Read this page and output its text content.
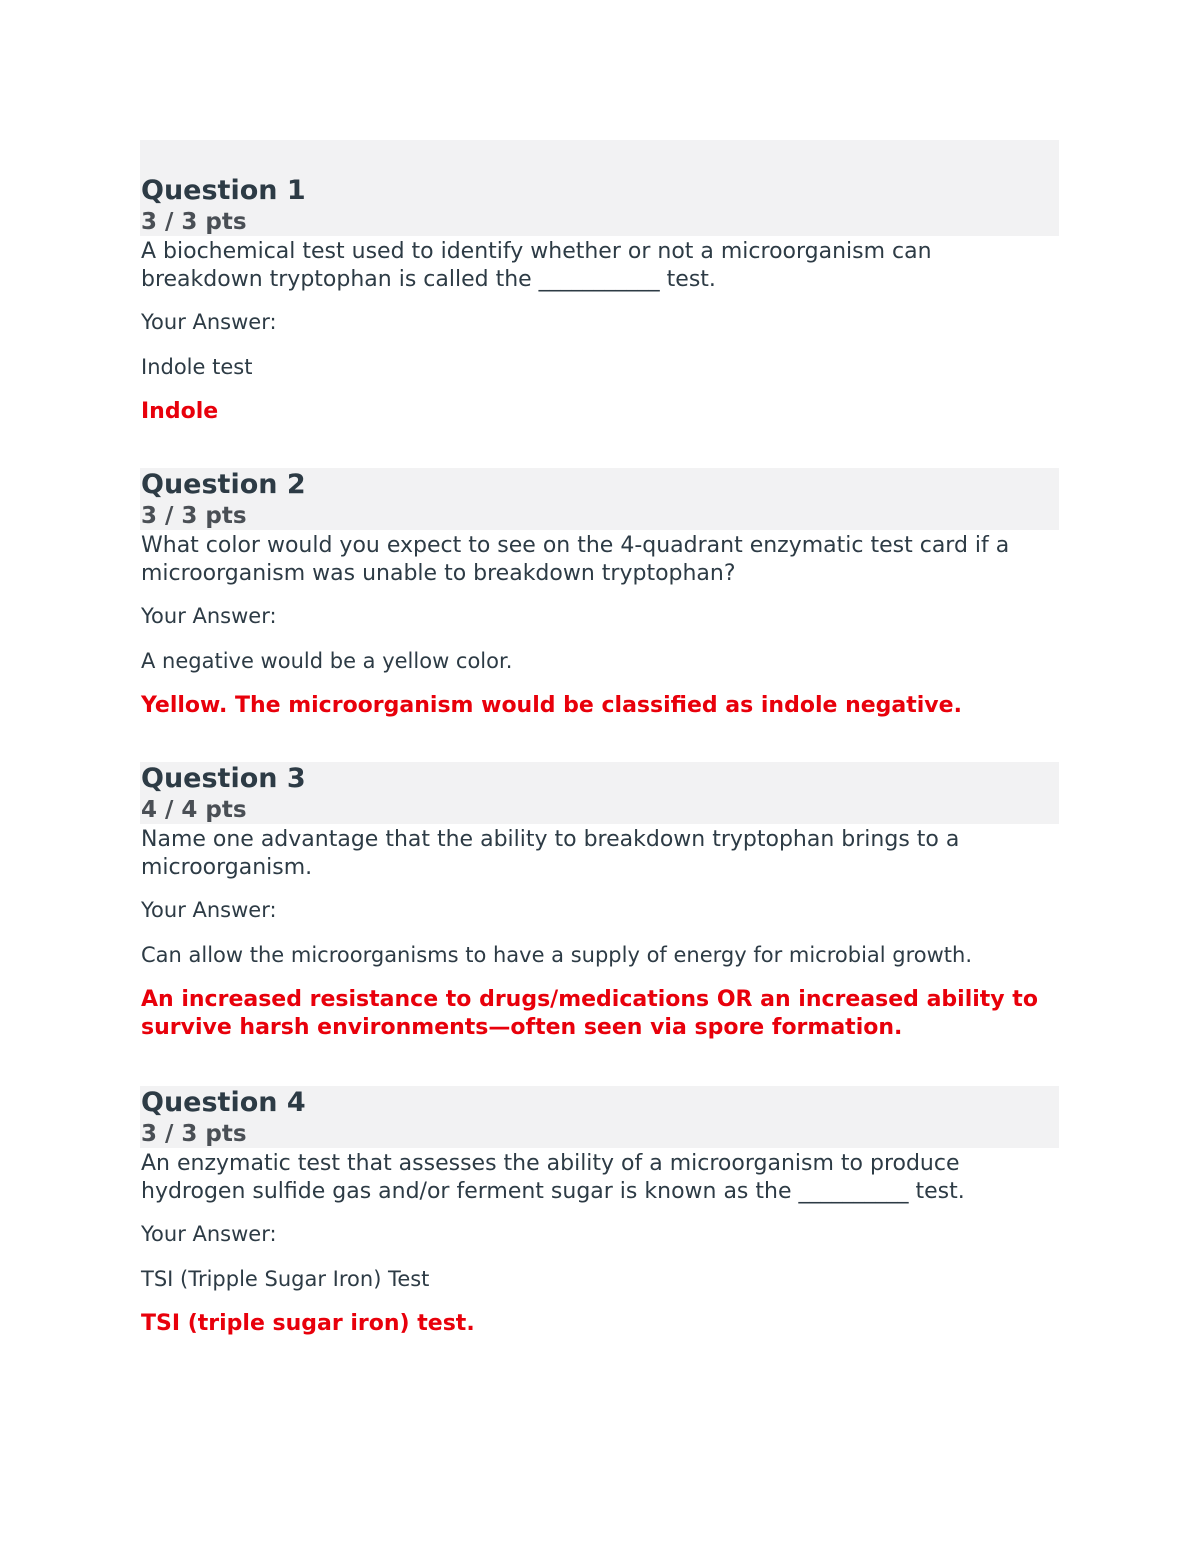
Question 1
3 / 3 pts
A biochemical test used to identify whether or not a microorganism can breakdown tryptophan is called the ___________ test.
Your Answer:
Indole test
Indole
Question 2
3 / 3 pts
What color would you expect to see on the 4-quadrant enzymatic test card if a microorganism was unable to breakdown tryptophan?
Your Answer:
A negative would be a yellow color.
Yellow. The microorganism would be classified as indole negative.
Question 3
4 / 4 pts
Name one advantage that the ability to breakdown tryptophan brings to a microorganism.
Your Answer:
Can allow the microorganisms to have a supply of energy for microbial growth.
An increased resistance to drugs/medications OR an increased ability to survive harsh environments—often seen via spore formation.
Question 4
3 / 3 pts
An enzymatic test that assesses the ability of a microorganism to produce hydrogen sulfide gas and/or ferment sugar is known as the __________ test.
Your Answer:
TSI (Tripple Sugar Iron) Test
TSI (triple sugar iron) test.
